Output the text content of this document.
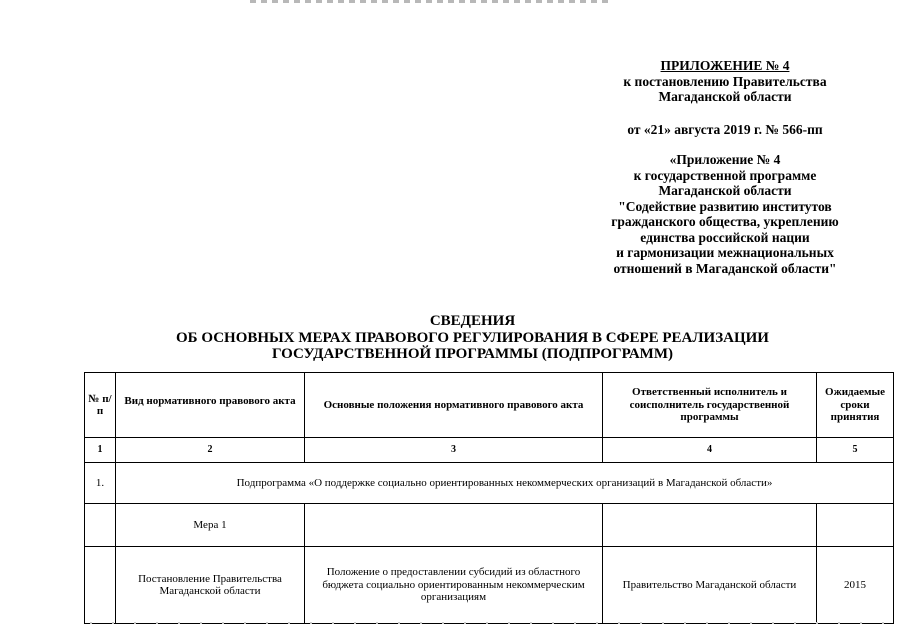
ПРИЛОЖЕНИЕ № 4
к постановлению Правительства
Магаданской области
от «21» августа 2019 г. № 566-пп
«Приложение № 4
к государственной программе
Магаданской области
"Содействие развитию институтов
гражданского общества, укреплению
единства российской нации
и гармонизации межнациональных
отношений в Магаданской области"
СВЕДЕНИЯ
ОБ ОСНОВНЫХ МЕРАХ ПРАВОВОГО РЕГУЛИРОВАНИЯ В СФЕРЕ РЕАЛИЗАЦИИ
ГОСУДАРСТВЕННОЙ ПРОГРАММЫ (ПОДПРОГРАММ)
№ п/п	Вид нормативного правового акта	Основные положения нормативного правового акта	Ответственный исполнитель и соисполнитель государственной программы	Ожидаемые сроки принятия
1	2	3	4	5
1.	Подпрограмма «О поддержке социально ориентированных некоммерческих организаций в Магаданской области»			
	Мера 1			
	Постановление Правительства Магаданской области	Положение о предоставлении субсидий из областного бюджета социально ориентированным некоммерческим организациям	Правительство Магаданской области	2015
